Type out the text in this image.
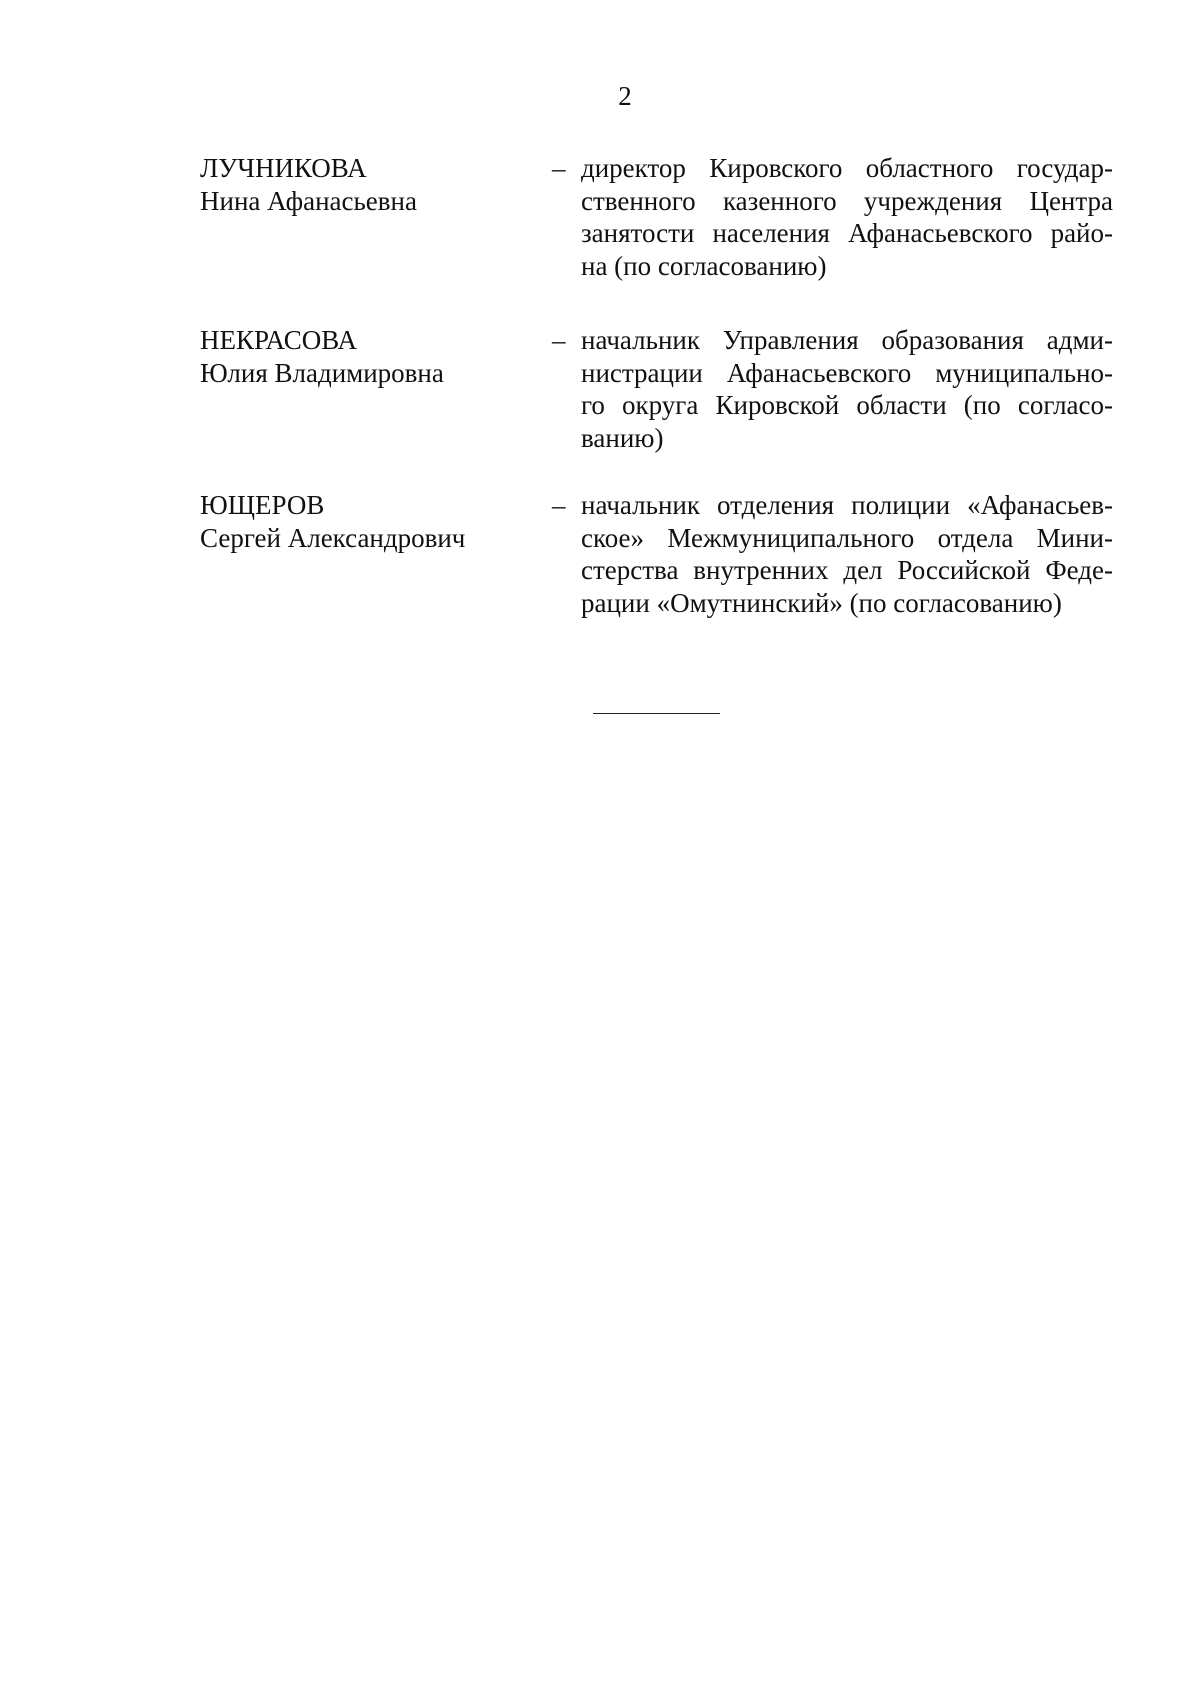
2
ЛУЧНИКОВА
Нина Афанасьевна
– директор Кировского областного государ-
ственного казенного учреждения Центра
занятости населения Афанасьевского райо-
на (по согласованию)
НЕКРАСОВА
Юлия Владимировна
– начальник Управления образования адми-
нистрации Афанасьевского муниципально-
го округа Кировской области (по согласо-
ванию)
ЮЩЕРОВ
Сергей Александрович
– начальник отделения полиции «Афанасьев-
ское» Межмуниципального отдела Мини-
стерства внутренних дел Российской Феде-
рации «Омутнинский» (по согласованию)
